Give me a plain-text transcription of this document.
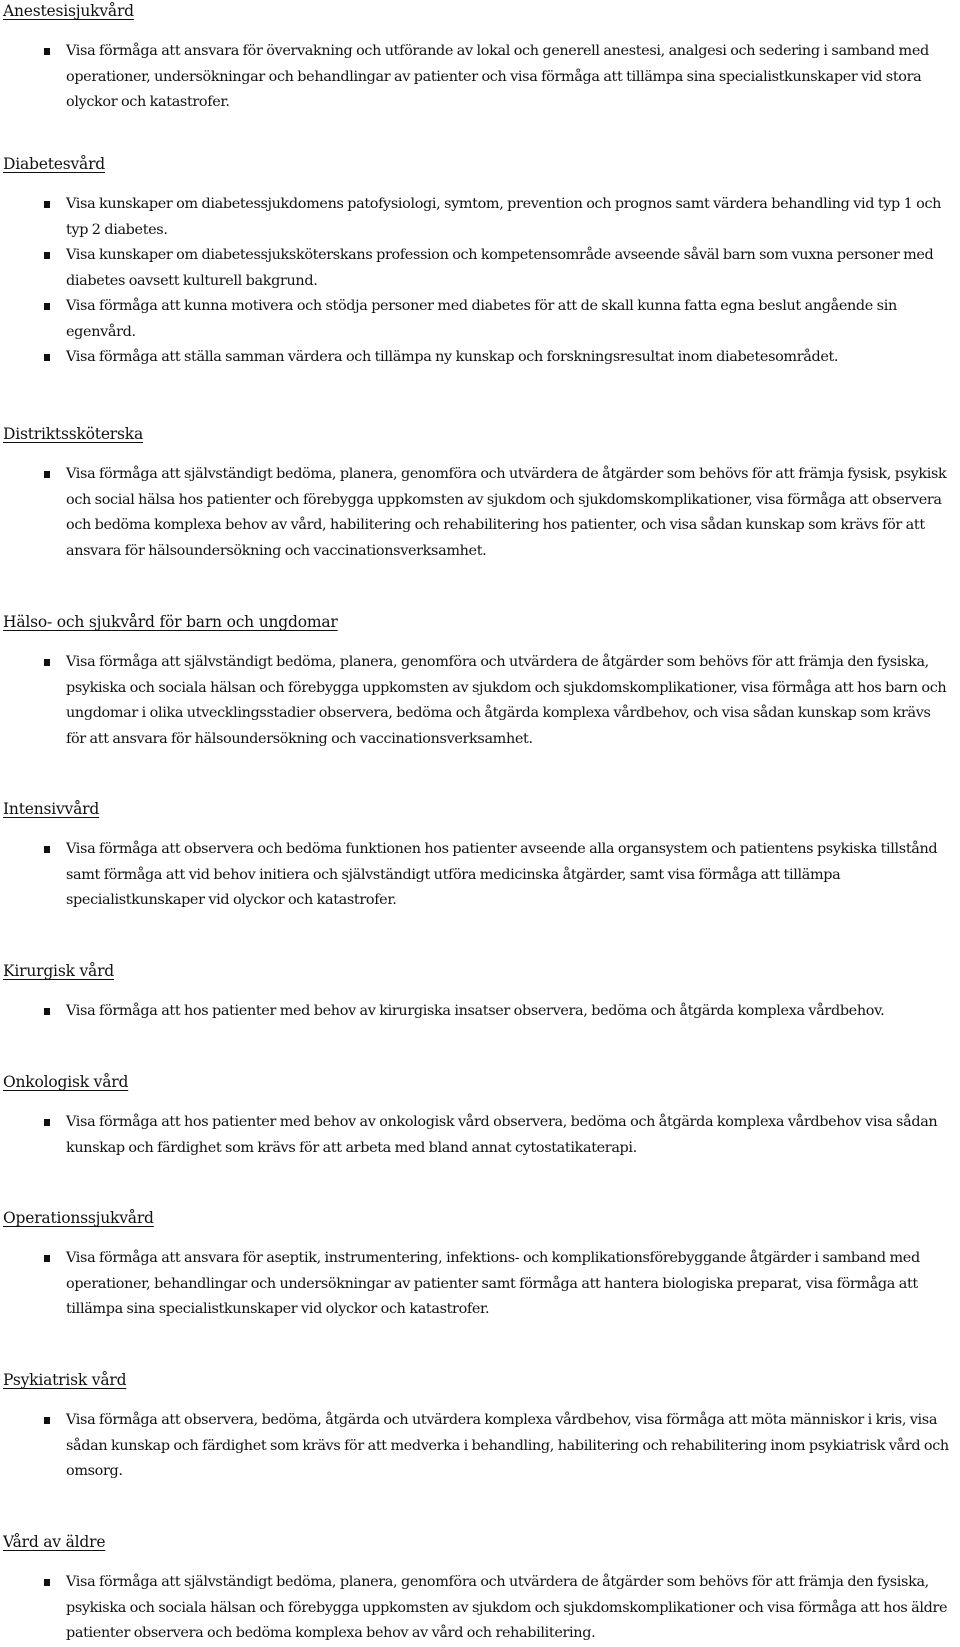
Anestesisjukvård
Visa förmåga att ansvara för övervakning och utförande av lokal och generell anestesi, analgesi och sedering i samband med operationer, undersökningar och behandlingar av patienter och visa förmåga att tillämpa sina specialistkunskaper vid stora olyckor och katastrofer.
Diabetesvård
Visa kunskaper om diabetessjukdomens patofysiologi, symtom, prevention och prognos samt värdera behandling vid typ 1 och typ 2 diabetes.
Visa kunskaper om diabetessjuksköterskans profession och kompetensområde avseende såväl barn som vuxna personer med diabetes oavsett kulturell bakgrund.
Visa förmåga att kunna motivera och stödja personer med diabetes för att de skall kunna fatta egna beslut angående sin egenvård.
Visa förmåga att ställa samman värdera och tillämpa ny kunskap och forskningsresultat inom diabetesområdet.
Distriktssköterska
Visa förmåga att självständigt bedöma, planera, genomföra och utvärdera de åtgärder som behövs för att främja fysisk, psykisk och social hälsa hos patienter och förebygga uppkomsten av sjukdom och sjukdomskomplikationer, visa förmåga att observera och bedöma komplexa behov av vård, habilitering och rehabilitering hos patienter, och visa sådan kunskap som krävs för att ansvara för hälsoundersökning och vaccinationsverksamhet.
Hälso- och sjukvård för barn och ungdomar
Visa förmåga att självständigt bedöma, planera, genomföra och utvärdera de åtgärder som behövs för att främja den fysiska, psykiska och sociala hälsan och förebygga uppkomsten av sjukdom och sjukdomskomplikationer, visa förmåga att hos barn och ungdomar i olika utvecklingsstadier observera, bedöma och åtgärda komplexa vårdbehov, och visa sådan kunskap som krävs för att ansvara för hälsoundersökning och vaccinationsverksamhet.
Intensivvård
Visa förmåga att observera och bedöma funktionen hos patienter avseende alla organsystem och patientens psykiska tillstånd samt förmåga att vid behov initiera och självständigt utföra medicinska åtgärder, samt visa förmåga att tillämpa specialistkunskaper vid olyckor och katastrofer.
Kirurgisk vård
Visa förmåga att hos patienter med behov av kirurgiska insatser observera, bedöma och åtgärda komplexa vårdbehov.
Onkologisk vård
Visa förmåga att hos patienter med behov av onkologisk vård observera, bedöma och åtgärda komplexa vårdbehov visa sådan kunskap och färdighet som krävs för att arbeta med bland annat cytostatikaterapi.
Operationssjukvård
Visa förmåga att ansvara för aseptik, instrumentering, infektions- och komplikationsförebyggande åtgärder i samband med operationer, behandlingar och undersökningar av patienter samt förmåga att hantera biologiska preparat, visa förmåga att tillämpa sina specialistkunskaper vid olyckor och katastrofer.
Psykiatrisk vård
Visa förmåga att observera, bedöma, åtgärda och utvärdera komplexa vårdbehov, visa förmåga att möta människor i kris, visa sådan kunskap och färdighet som krävs för att medverka i behandling, habilitering och rehabilitering inom psykiatrisk vård och omsorg.
Vård av äldre
Visa förmåga att självständigt bedöma, planera, genomföra och utvärdera de åtgärder som behövs för att främja den fysiska, psykiska och sociala hälsan och förebygga uppkomsten av sjukdom och sjukdomskomplikationer och visa förmåga att hos äldre patienter observera och bedöma komplexa behov av vård och rehabilitering.
